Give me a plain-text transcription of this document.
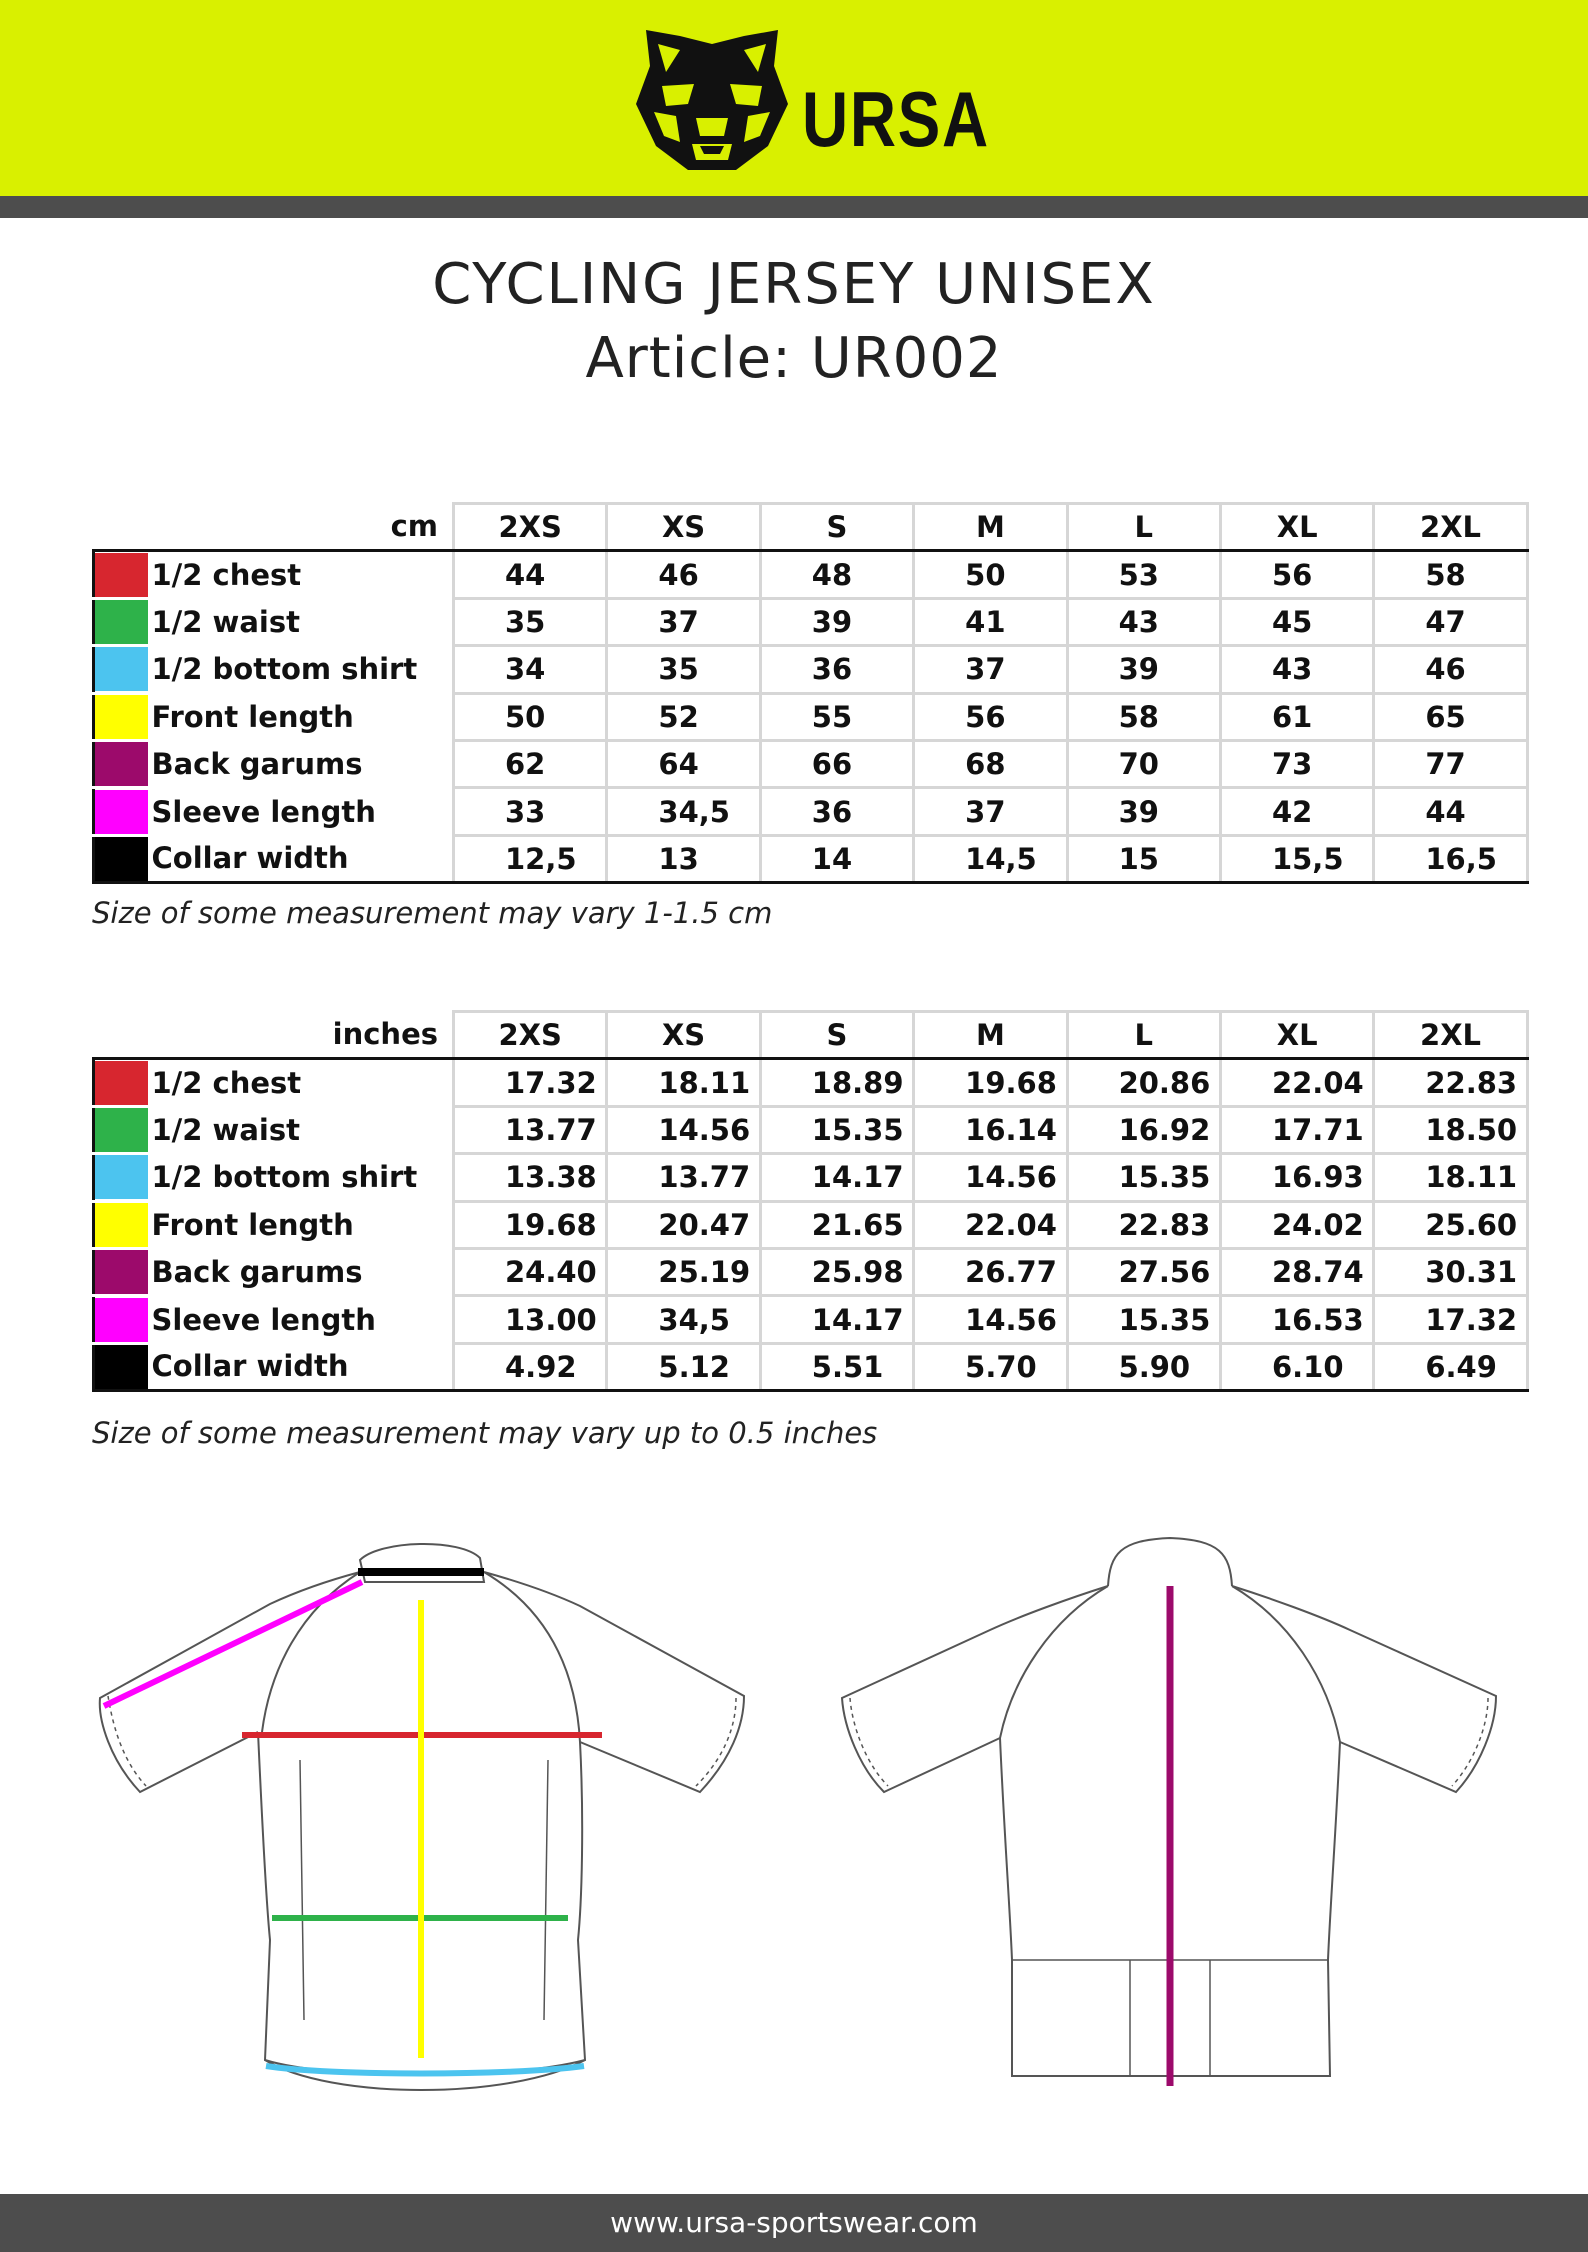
URSA
CYCLING JERSEY UNISEX
Article: UR002
cm		2XS	XS	S	M	L	XL	2XL

	1/2 chest	44	46	48	50	53	56	58

	1/2 waist	35	37	39	41	43	45	47

	1/2 bottom shirt	34	35	36	37	39	43	46

	Front length	50	52	55	56	58	61	65

	Back garums	62	64	66	68	70	73	77

	Sleeve length	33	34,5	36	37	39	42	44

	Collar width	12,5	13	14	14,5	15	15,5	16,5
Size of some measurement may vary 1-1.5 cm
inches		2XS	XS	S	M	L	XL	2XL

	1/2 chest	17.32	18.11	18.89	19.68	20.86	22.04	22.83

	1/2 waist	13.77	14.56	15.35	16.14	16.92	17.71	18.50

	1/2 bottom shirt	13.38	13.77	14.17	14.56	15.35	16.93	18.11

	Front length	19.68	20.47	21.65	22.04	22.83	24.02	25.60

	Back garums	24.40	25.19	25.98	26.77	27.56	28.74	30.31

	Sleeve length	13.00	34,5	14.17	14.56	15.35	16.53	17.32

	Collar width	4.92	5.12	5.51	5.70	5.90	6.10	6.49
Size of some measurement may vary up to 0.5 inches
www.ursa-sportswear.com
